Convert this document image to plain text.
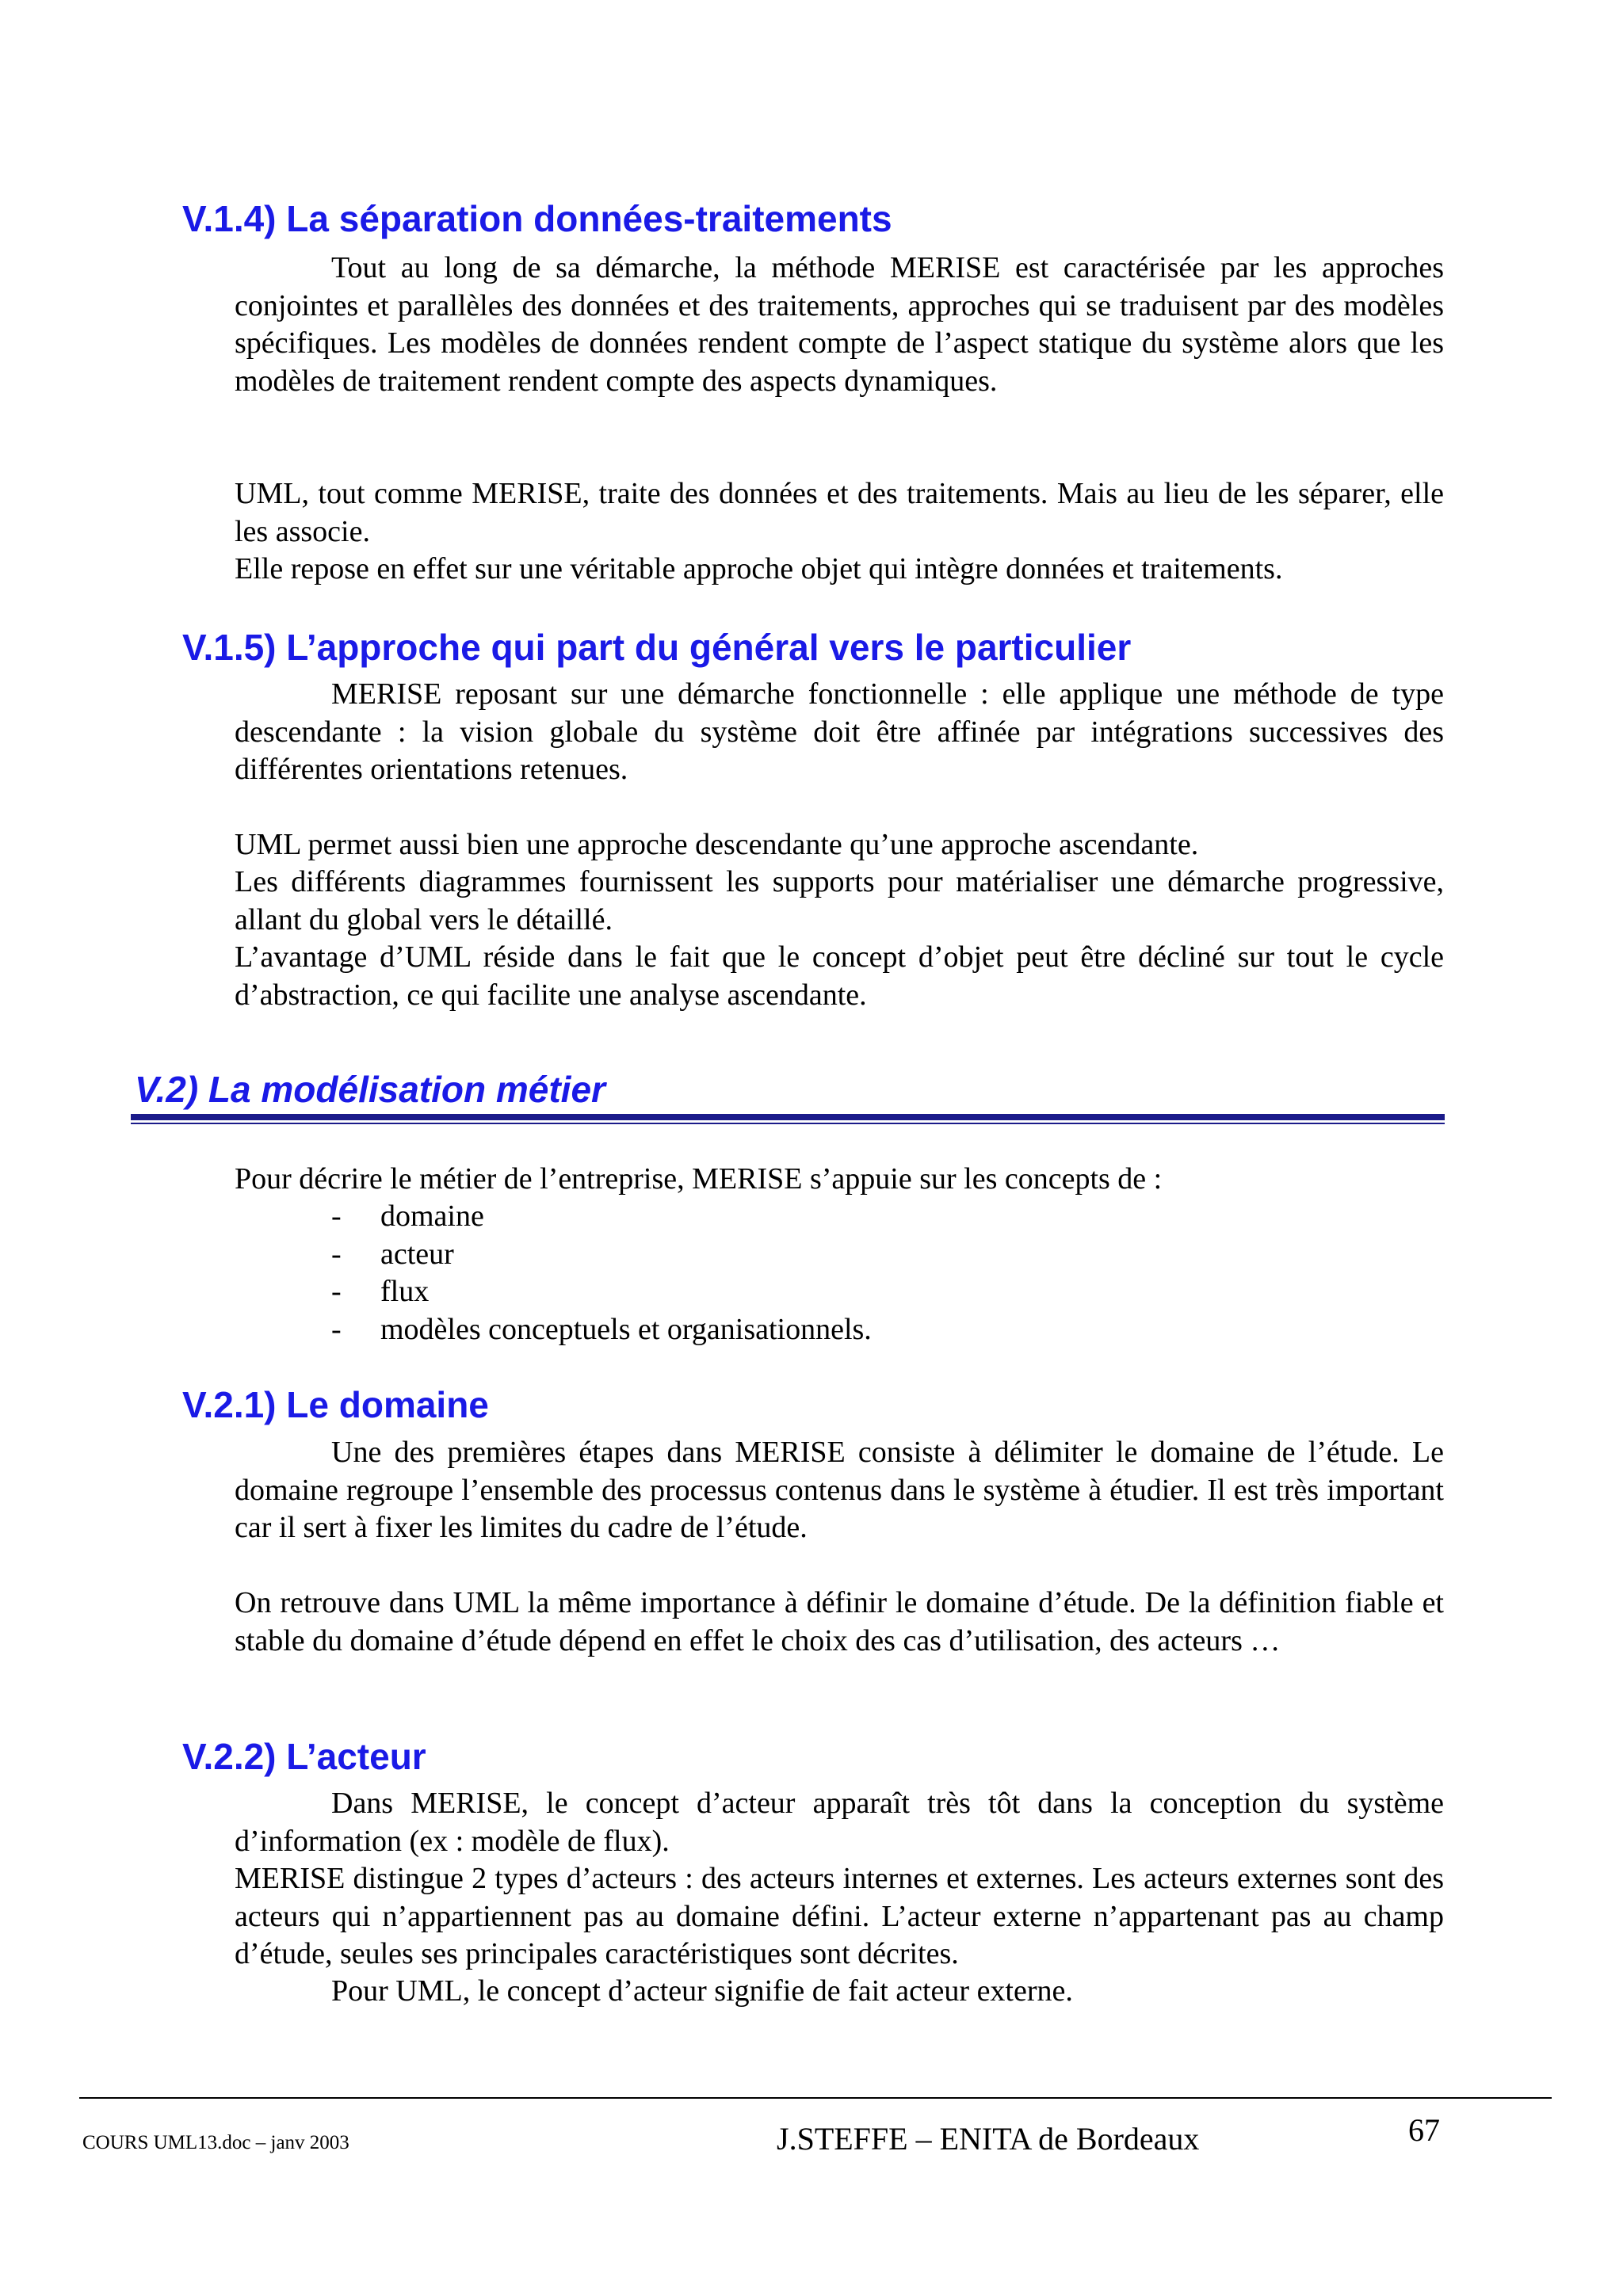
V.1.4) La séparation données-traitements

Tout au long de sa démarche, la méthode MERISE est caractérisée par les approches conjointes et parallèles des données et des traitements, approches qui se traduisent par des modèles spécifiques. Les modèles de données rendent compte de l’aspect statique du système alors que les modèles de traitement rendent compte des aspects dynamiques.

UML, tout comme MERISE, traite des données et des traitements. Mais au lieu de les séparer, elle les associe.

Elle repose en effet sur une véritable approche objet qui intègre données et traitements.

V.1.5) L’approche qui part du général vers le particulier

MERISE reposant sur une démarche fonctionnelle : elle applique une méthode de type descendante : la vision globale du système doit être affinée par intégrations successives des différentes orientations retenues.

UML permet aussi bien une approche descendante qu’une approche ascendante.

Les différents diagrammes fournissent les supports pour matérialiser une démarche progressive, allant du global vers le détaillé.

L’avantage d’UML réside dans le fait que le concept d’objet peut être décliné sur tout le cycle d’abstraction, ce qui facilite une analyse ascendante.

V.2) La modélisation métier

Pour décrire le métier de l’entreprise, MERISE s’appuie sur les concepts de :

- domaine
- acteur
- flux
- modèles conceptuels et organisationnels.
V.2.1) Le domaine

Une des premières étapes dans MERISE consiste à délimiter le domaine de l’étude. Le domaine regroupe l’ensemble des processus contenus dans le système à étudier. Il est très important car il sert à fixer les limites du cadre de l’étude.

On retrouve dans UML la même importance à définir le domaine d’étude. De la définition fiable et stable du domaine d’étude dépend en effet le choix des cas d’utilisation, des acteurs …

V.2.2) L’acteur

Dans MERISE, le concept d’acteur apparaît très tôt dans la conception du système d’information (ex : modèle de flux).

MERISE distingue 2 types d’acteurs : des acteurs internes et externes. Les acteurs externes sont des acteurs qui n’appartiennent pas au domaine défini. L’acteur externe n’appartenant pas au champ d’étude, seules ses principales caractéristiques sont décrites.

Pour UML, le concept d’acteur signifie de fait acteur externe.

COURS UML13.doc – janv 2003	J.STEFFE – ENITA de Bordeaux	67
